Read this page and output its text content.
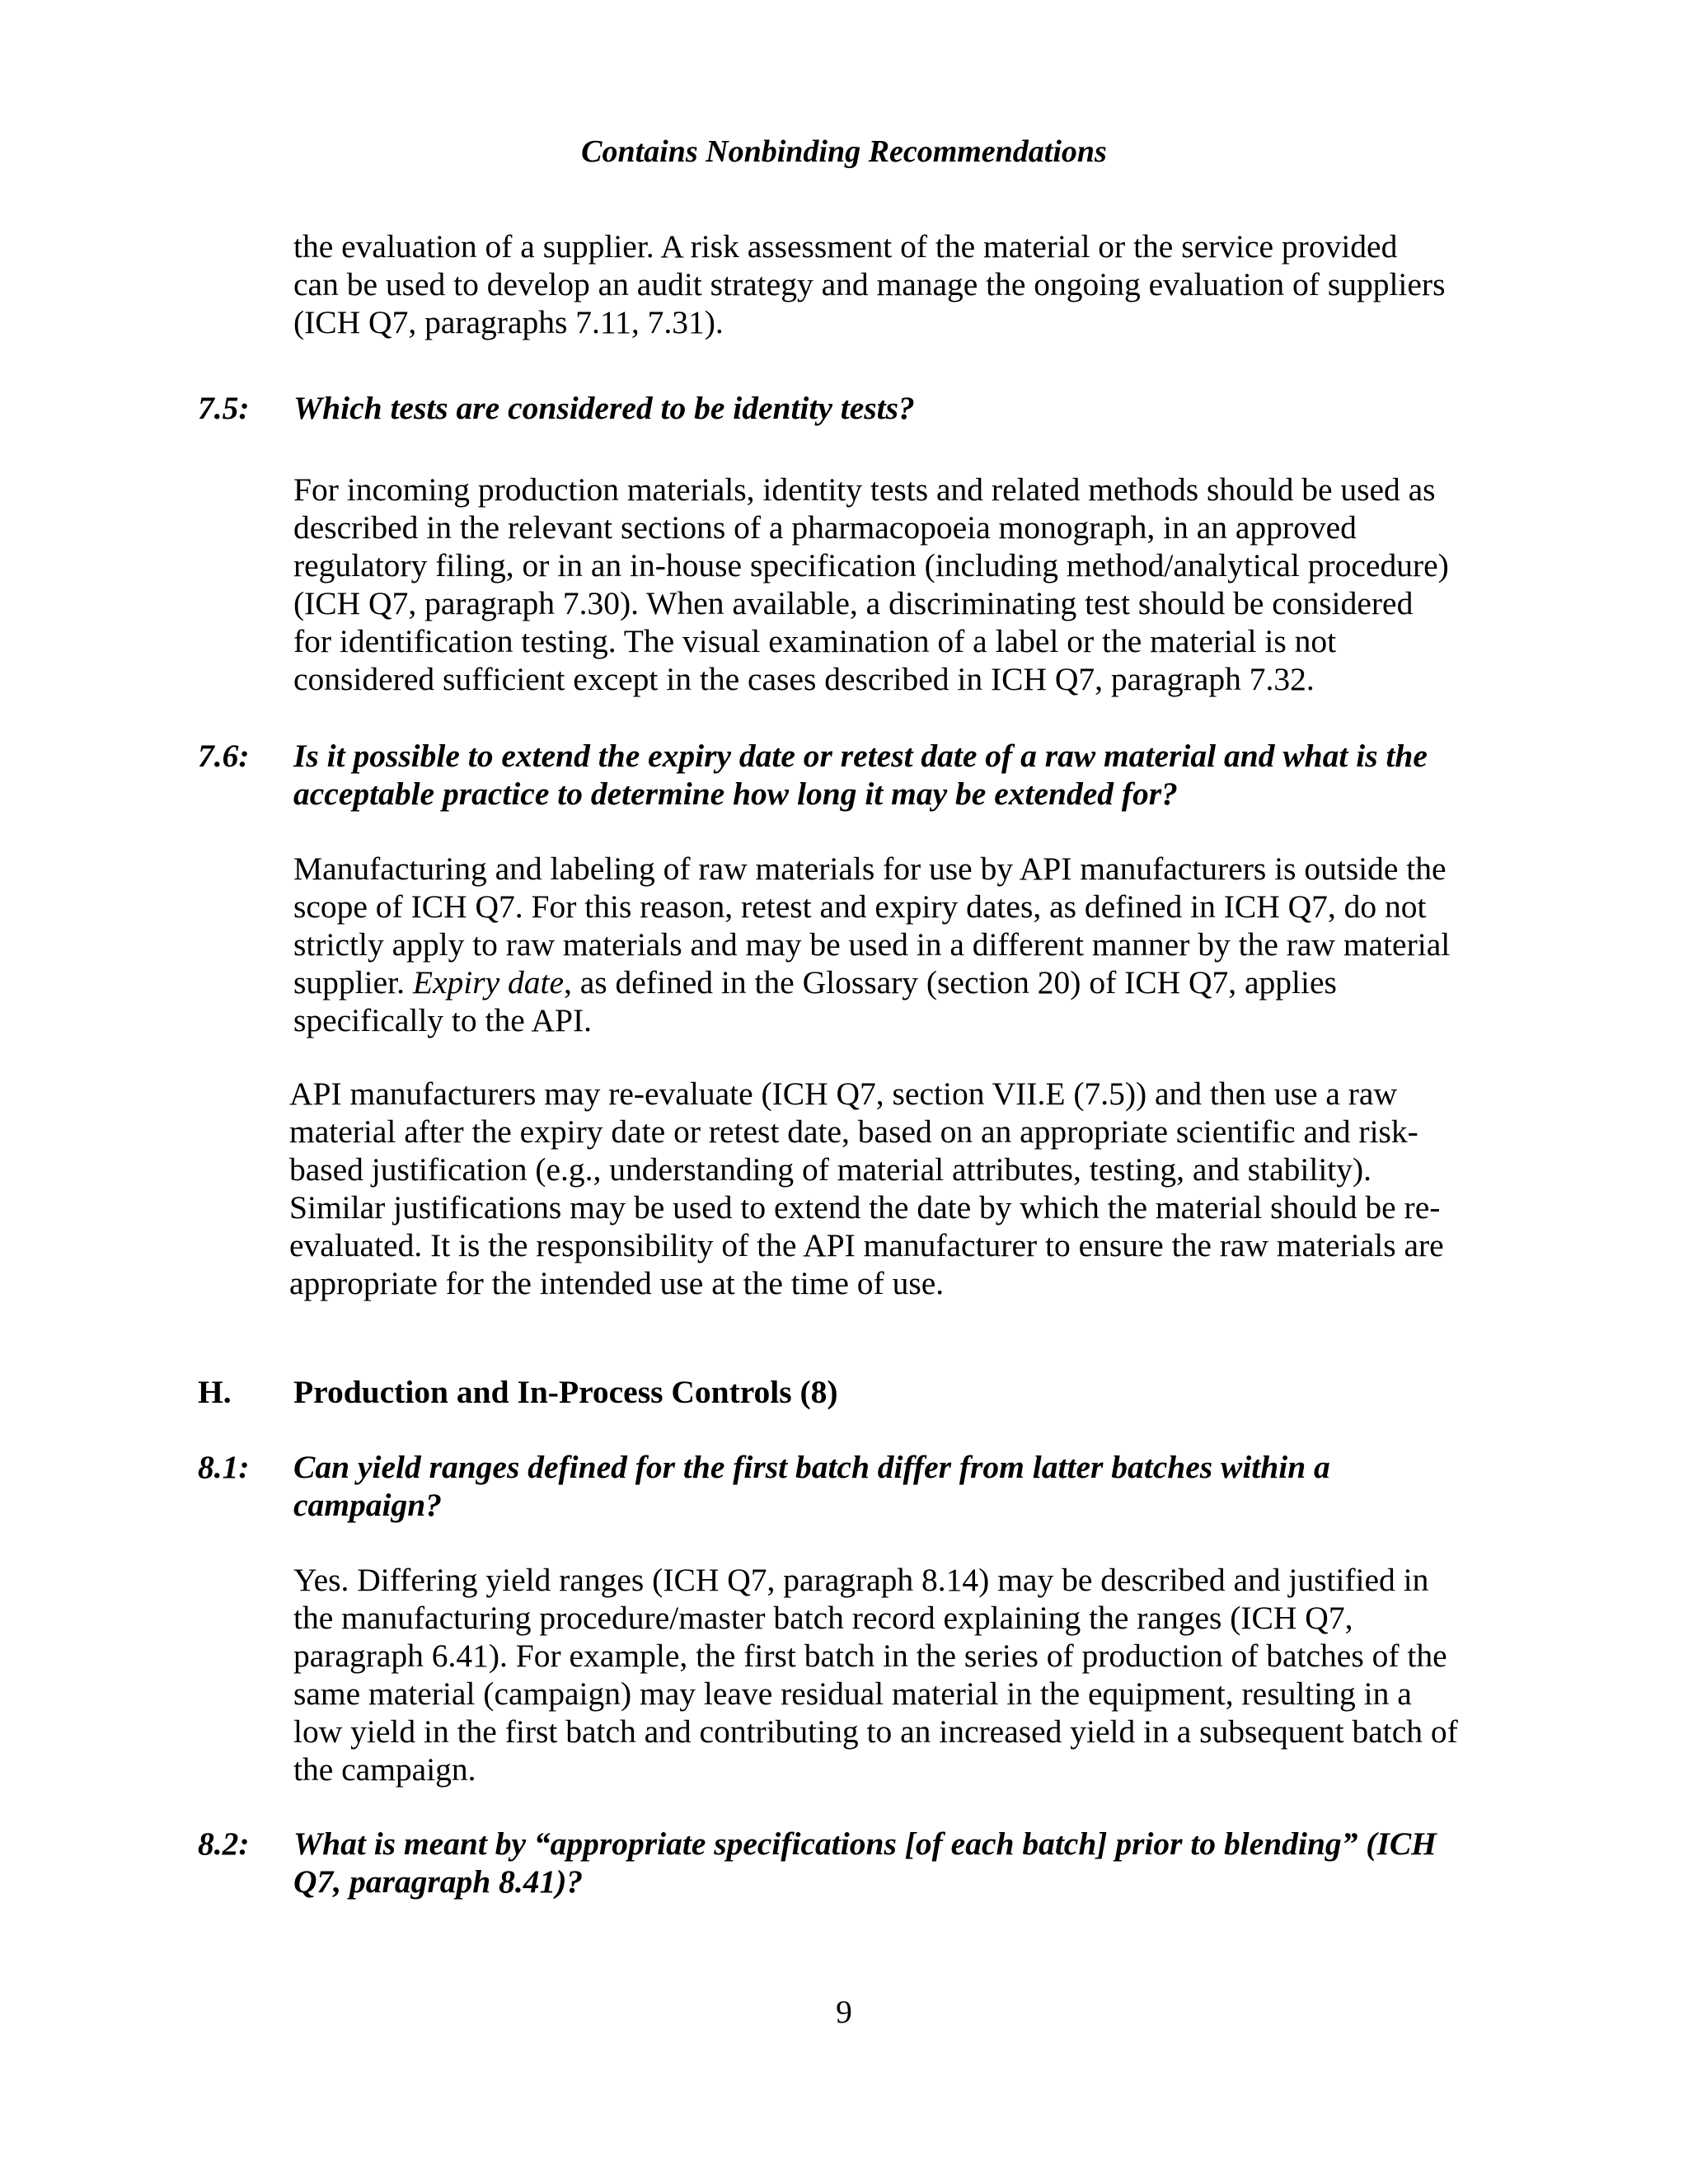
Contains Nonbinding Recommendations
the evaluation of a supplier. A risk assessment of the material or the service provided
can be used to develop an audit strategy and manage the ongoing evaluation of suppliers
(ICH Q7, paragraphs 7.11, 7.31).
7.5: Which tests are considered to be identity tests?
For incoming production materials, identity tests and related methods should be used as
described in the relevant sections of a pharmacopoeia monograph, in an approved
regulatory filing, or in an in-house specification (including method/analytical procedure)
(ICH Q7, paragraph 7.30). When available, a discriminating test should be considered
for identification testing. The visual examination of a label or the material is not
considered sufficient except in the cases described in ICH Q7, paragraph 7.32.
7.6: Is it possible to extend the expiry date or retest date of a raw material and what is the
acceptable practice to determine how long it may be extended for?
Manufacturing and labeling of raw materials for use by API manufacturers is outside the
scope of ICH Q7. For this reason, retest and expiry dates, as defined in ICH Q7, do not
strictly apply to raw materials and may be used in a different manner by the raw material
supplier. Expiry date, as defined in the Glossary (section 20) of ICH Q7, applies
specifically to the API.
API manufacturers may re-evaluate (ICH Q7, section VII.E (7.5)) and then use a raw
material after the expiry date or retest date, based on an appropriate scientific and risk-
based justification (e.g., understanding of material attributes, testing, and stability).
Similar justifications may be used to extend the date by which the material should be re-
evaluated. It is the responsibility of the API manufacturer to ensure the raw materials are
appropriate for the intended use at the time of use.
H. Production and In-Process Controls (8)
8.1: Can yield ranges defined for the first batch differ from latter batches within a
campaign?
Yes. Differing yield ranges (ICH Q7, paragraph 8.14) may be described and justified in
the manufacturing procedure/master batch record explaining the ranges (ICH Q7,
paragraph 6.41). For example, the first batch in the series of production of batches of the
same material (campaign) may leave residual material in the equipment, resulting in a
low yield in the first batch and contributing to an increased yield in a subsequent batch of
the campaign.
8.2: What is meant by “appropriate specifications [of each batch] prior to blending” (ICH
Q7, paragraph 8.41)?
9
